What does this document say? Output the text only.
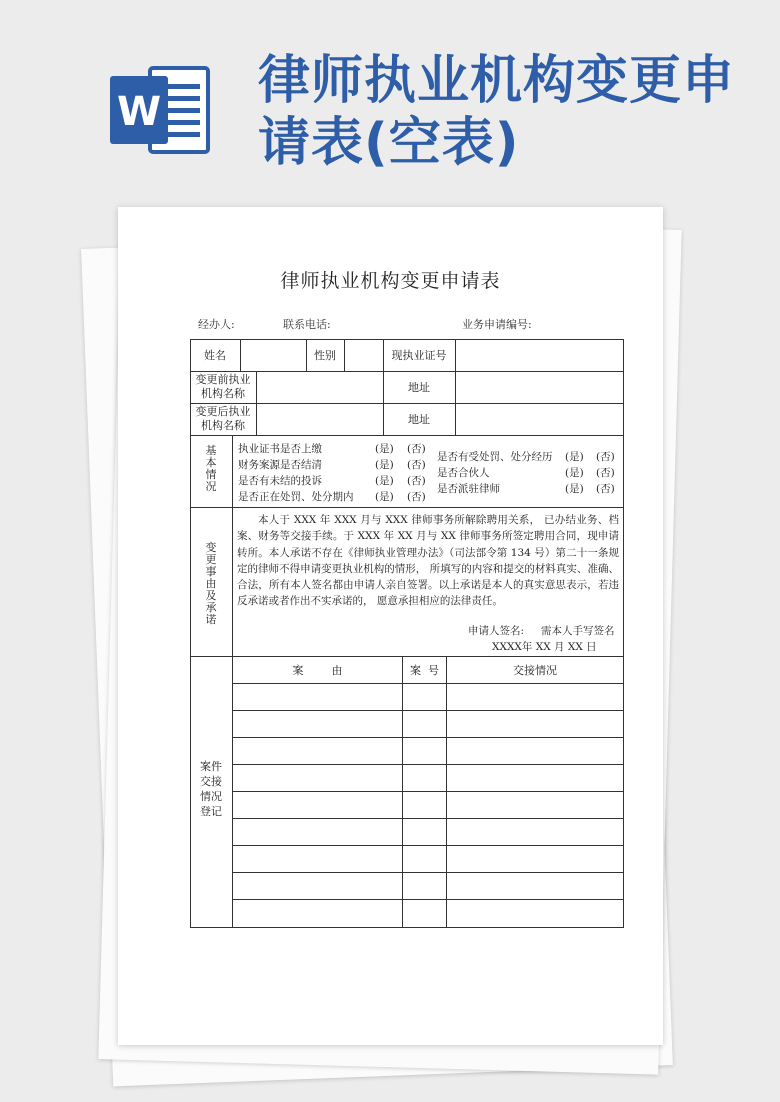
W
律师执业机构变更申请表(空表)
律师执业机构变更申请表
经办人:	联系电话:	业务申请编号:
姓名	性别	现执业证号
变更前执业机构名称	地址
变更后执业机构名称	地址
基本情况
执业证书是否上缴	(是) (否)
财务案源是否结清	(是) (否)
是否有未结的投诉	(是) (否)
是否正在处罚、处分期内 (是) (否)
是否有受处罚、处分经历 (是) (否)
是否合伙人	(是) (否)
是否派驻律师	(是) (否)
变更事由及承诺
本人于 XXX 年 XXX 月与 XXX 律师事务所解除聘用关系， 已办结业务、档案、财务等交接手续。于 XXX 年 XX 月与 XX 律师事务所签定聘用合同，现申请转所。本人承诺不存在《律师执业管理办法》（司法部令第 134 号）第二十一条规定的律师不得申请变更执业机构的情形， 所填写的内容和提交的材料真实、准确、合法，所有本人签名都由申请人亲自签署。以上承诺是本人的真实意思表示，若违反承诺或者作出不实承诺的， 愿意承担相应的法律责任。
申请人签名: 需本人手写签名
XXXX年 XX 月 XX 日
案件交接情况登记
案        由	案  号	交接情况
